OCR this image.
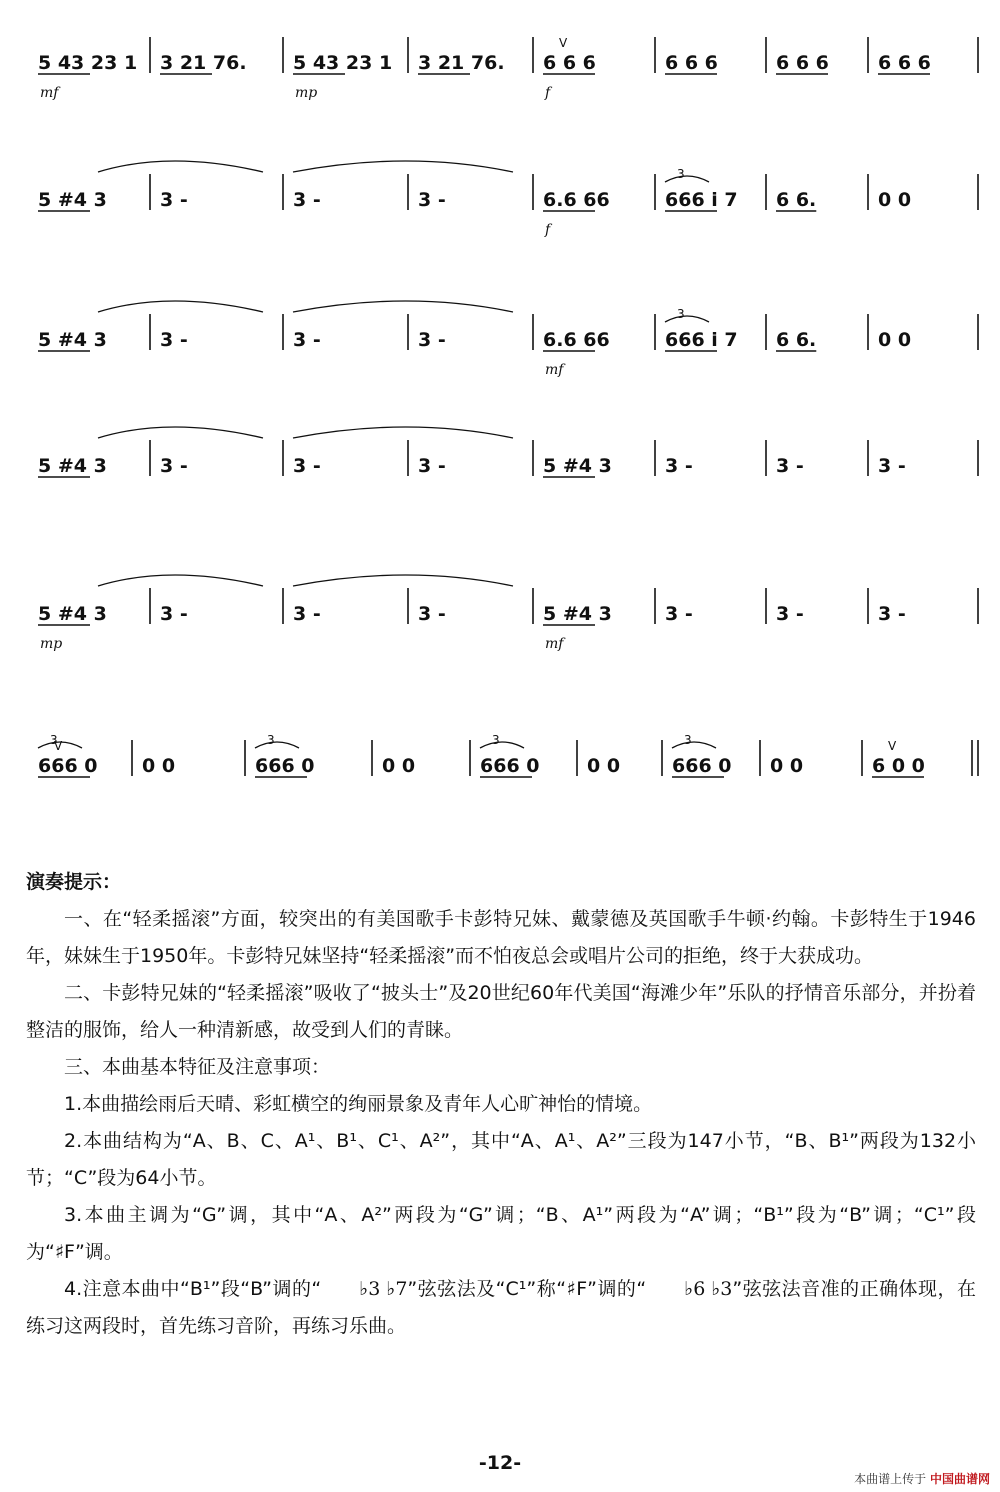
5 43 23 1
mf
3 21 76. 5 43 23 1
mp
3 21 76. 6 6 6
f
V
6 6 6	6 6 6	6 6 6
5 #4 3	3 -	3 -	3 -	6.6 66
f
666 i 7
3
6 6.	0 0
5 #4 3	3 -	3 -	3 -	6.6 66
mf
666 i 7
3
6 6.	0 0
5 #4 3	3 -	3 -	3 -	5 #4 3	3 -	3 -	3 -
5 #4 3
mp
3 -	3 -	3 -	5 #4 3
mf
3 -	3 -	3 -
666 0
V
3
0 0	666 0
3
0 0	666 0
3
0 0	666 0
3
0 0	6 0 0
V
演奏提示：
一、在“轻柔摇滚”方面，较突出的有美国歌手卡彭特兄妹、戴蒙德及英国歌手牛顿·约翰。卡彭特生于1946年，妹妹生于1950年。卡彭特兄妹坚持“轻柔摇滚”而不怕夜总会或唱片公司的拒绝，终于大获成功。
二、卡彭特兄妹的“轻柔摇滚”吸收了“披头士”及20世纪60年代美国“海滩少年”乐队的抒情音乐部分，并扮着整洁的服饰，给人一种清新感，故受到人们的青睐。
三、本曲基本特征及注意事项：
1.本曲描绘雨后天晴、彩虹横空的绚丽景象及青年人心旷神怡的情境。
2.本曲结构为“A、B、C、A¹、B¹、C¹、A²”，其中“A、A¹、A²”三段为147小节，“B、B¹”两段为132小节；“C”段为64小节。
3.本曲主调为“G”调，其中“A、A²”两段为“G”调；“B、A¹”两段为“A”调；“B¹”段为“B”调；“C¹”段为“♯F”调。
4.注意本曲中“B¹”段“B”调的“ ♭3 ♭7”弦弦法及“C¹”称“♯F”调的“ ♭6 ♭3”弦弦法音准的正确体现，在练习这两段时，首先练习音阶，再练习乐曲。
-12-
本曲谱上传于 中国曲谱网
